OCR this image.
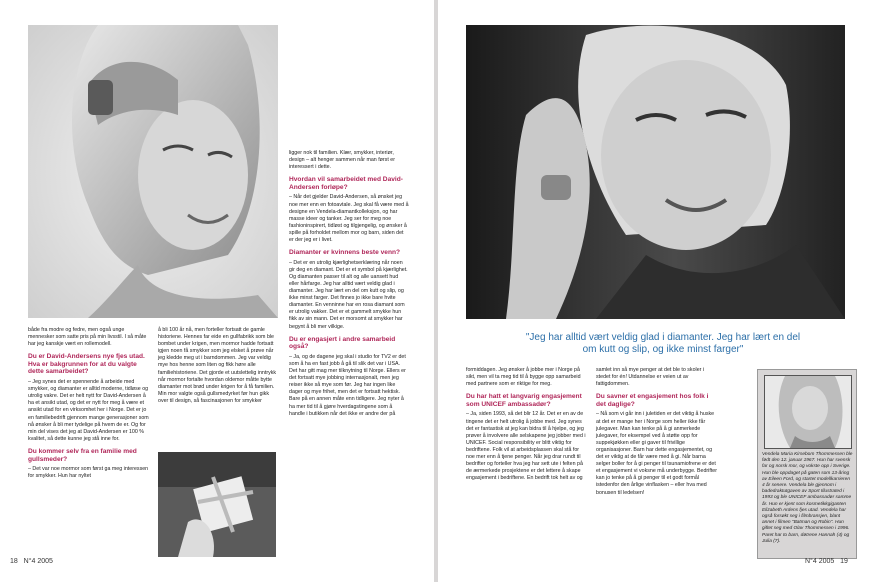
både fra modre og fedre, men også unge mennesker som satte pris på min livsstil. I så måte har jeg kanskje vært en rollemodell.

Du er David-Andersens nye fjes utad. Hva er bakgrunnen for at du valgte dette samarbeidet?

– Jeg synes det er spennende å arbeide med smykker, og diamanter er alltid moderne, tidløse og utrolig vakre. Det er helt nytt for David-Andersen å ha et ansikt utad, og det er nytt for meg å være et ansikt utad for en virksomhet her i Norge. Det er jo en familiebedrift gjennom mange generasjoner som nå ønsker å bli mer tydelige på hvem de er. Og for min del vises det jeg at David-Andersen er 100 % kvalitet, så dette kunne jeg stå inne for.

Du kommer selv fra en familie med gullsmeder?

– Det var noe mormor som først ga meg interessen for smykker. Hun har nyltet

å bli 100 år nå, men forteller fortsatt de gamle historiene. Hennes far eide en gullfabrikk som ble bombet under krigen, men mormor hadde fortsatt igjen noen få smykker som jeg elsket å prøve når jeg kledde meg ut i barndommen. Jeg var veldig mye hos henne som liten og fikk høre alle familiehistoriene. Det gjorde et uutslettelig inntrykk når mormor fortalte hvordan oldemor måtte bytte diamanter mot brød under krigen for å få familien. Min mor valgte også gullsmedyrket før hun gikk over til design, så fascinasjonen for smykker

ligger nok til familien. Klær, smykker, interiør, design – alt henger sammen når man først er interessert i dette.

Hvordan vil samarbeidet med David-Andersen forløpe?

– Når det gjelder David-Andersen, så ønsket jeg noe mer enn en fotoavtale. Jeg skal få være med å designe en Vendela-diamantkolleksjon, og har masse ideer og tanker. Jeg ser for meg noe fashioninspirert, tidløst og tilgjengelig, og ønsker å spille på forholdet mellom mor og barn, siden det er der jeg er i livet.

Diamanter er kvinnens beste venn?

– Det er en utrolig kjærlighetserklæring når noen gir deg en diamant. Det er et symbol på kjærlighet. Og diamanten passer til alt og alle uansett hud eller hårfarge. Jeg har alltid vært veldig glad i diamanter. Jeg har lært en del om kutt og slip, og ikke minst farger. Det finnes jo ikke bare hvite diamanter. En venninne har en rosa diamant som er utrolig vakker. Det er et gammelt smykke hun fikk av sin mann. Det er morsomt at smykker har begynt å bli mer vilkige.

Du er engasjert i andre samarbeid også?

– Ja, og de dagene jeg skal i studio for TV2 er det som å ha en fast jobb å gå til slik det var i USA. Det har gitt mag mer tilknytning til Norge. Ellers er det fortsatt mye jobbing internasjonalt, men jeg reiser ikke så mye som før. Jeg har ingen like dager og mye frihet, men det er fortsatt hektisk. Bare på en annen måte enn tidligere. Jeg nyter å ha mer tid til å gjøre hverdagstingene som å handle i butikken når det ikke er andre der på

"Jeg har alltid vært veldig glad i diamanter. Jeg har lært en del om kutt og slip, og ikke minst farger"

formiddagen. Jeg ønsker å jobbe mer i Norge på sikt, men vil ta meg tid til å bygge opp samarbeid med partnere som er riktige for meg.

Du har hatt et langvarig engasjement som UNICEF ambassadør?

– Ja, siden 1993, så det blir 12 år. Det er en av de tingene det er helt utrolig å jobbe med. Jeg synes det er fantastisk at jeg kan bidra til å hjelpe, og jeg prøver å involvere alle selskapene jeg jobber med i UNICEF. Social responsibility er blitt viktig for bedriftene. Folk vil at arbeidsplassen skal stå for noe mer enn å tjene penger. Når jeg drar rundt til bedrifter og forteller hva jeg har sett ute i felten på de ærmerkede prosjektene er det lettere å skape engasjement i bedriftene. En bedrift tok helt av og

samlet inn så mye penger at det ble to skoler i stedet for én! Utdannelse er veien ut av fattigdommen.

Du savner et engasjement hos folk i det daglige?

– Nå som vi går inn i juletiden er det viktig å huske at det er mange her i Norge som heller ikke får julegaver. Man kan tenke på å gi anmerkede julegaver, for eksempel ved å støtte opp for suppekjøkken eller gi gaver til frivillige organisasjoner. Barn har dette engasjementet, og det er viktig at de får være med å gi. Når barna selger boller for å gi penger til tsunamiofrene er det et engasjement vi voksne må underbygge. Bedrifter kan jo tenke på å gi penger til et godt formål istedenfor den årlige vinflasken – eller hva med bonusen til ledelsen!

Vendela Maria Kirsebom Thommessen ble født den 12. januar 1967. Hun har svensk far og norsk mor, og vokste opp i Sverige. Hun ble oppdaget på gaten som 13-åring av Eileen Ford, og startet modellkarrieren 4 år senere. Vendela ble gjennom i badedraktutgaven av Sport Illustrated i 1993 og ble UNICEF ambassadør samme år. Hun er kjent som kosmetikkgiganten Elizabeth Ardens fjes utad. Vendela har også forsøkt seg i filmbransjen, blant annet i filmen "Batman og Robin". Hun giftet seg med Olav Thommessen i 1996. Paret har to barn, døtrene Hannah (4) og Julia (7).
18 N°4 2005	N°4 2005 19
